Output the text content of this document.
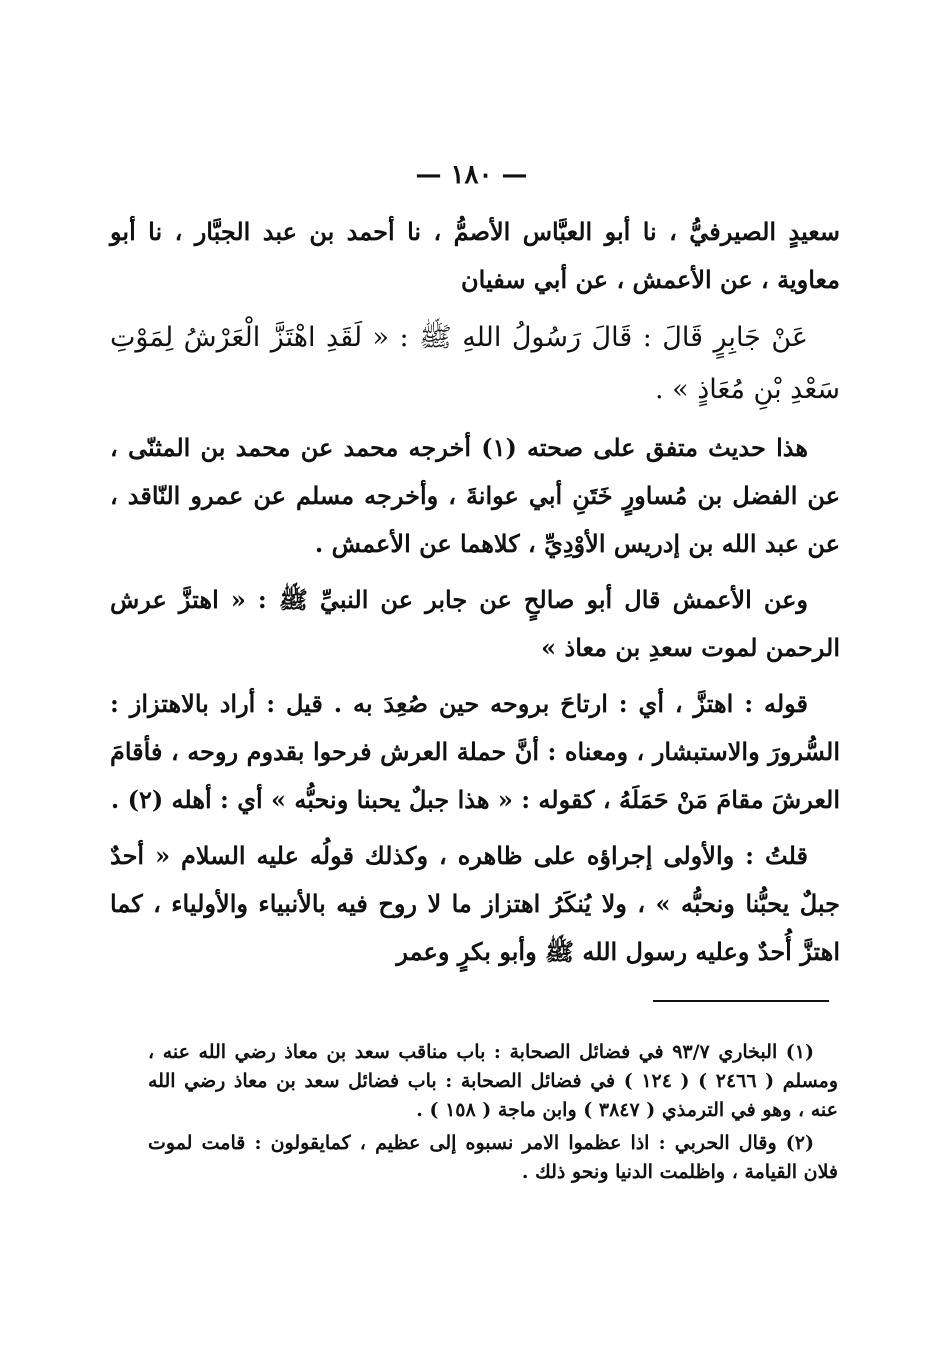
— ١٨٠ —

سعيدٍ الصيرفيُّ ، نا أبو العبَّاس الأصمُّ ، نا أحمد بن عبد الجبَّار ، نا أبو معاوية ، عن الأعمش ، عن أبي سفيان

عَنْ جَابِرٍ قَالَ : قَالَ رَسُولُ اللهِ ﷺ : « لَقَدِ اهْتَزَّ الْعَرْشُ لِمَوْتِ سَعْدِ بْنِ مُعَاذٍ » .

هذا حديث متفق على صحته (١) أخرجه محمد عن محمد بن المثنّى ، عن الفضل بن مُساورٍ خَتَنِ أبي عوانةَ ، وأخرجه مسلم عن عمرو النّاقد ، عن عبد الله بن إدريس الأوْدِيِّ ، كلاهما عن الأعمش .

وعن الأعمش قال أبو صالحٍ عن جابر عن النبيِّ ﷺ : « اهتزَّ عرش الرحمن لموت سعدِ بن معاذ »

قوله : اهتزَّ ، أي : ارتاحَ بروحه حين صُعِدَ به . قيل : أراد بالاهتزاز : السُّرورَ والاستبشار ، ومعناه : أنَّ حملة العرش فرحوا بقدوم روحه ، فأقامَ العرشَ مقامَ مَنْ حَمَلَهُ ، كقوله : « هذا جبلٌ يحبنا ونحبُّه » أي : أهله (٢) .

قلتُ : والأولى إجراؤه على ظاهره ، وكذلك قولُه عليه السلام « أحدٌ جبلٌ يحبُّنا ونحبُّه » ، ولا يُنكَرُ اهتزاز ما لا روح فيه بالأنبياء والأولياء ، كما اهتزَّ أُحدٌ وعليه رسول الله ﷺ وأبو بكرٍ وعمر

(١) البخاري ٩٣/٧ في فضائل الصحابة : باب مناقب سعد بن معاذ رضي الله عنه ، ومسلم ( ٢٤٦٦ ) ( ١٢٤ ) في فضائل الصحابة : باب فضائل سعد بن معاذ رضي الله عنه ، وهو في الترمذي ( ٣٨٤٧ ) وابن ماجة ( ١٥٨ ) .

(٢) وقال الحربي : اذا عظموا الامر نسبوه إلى عظيم ، كمايقولون : قامت لموت فلان القيامة ، واظلمت الدنيا ونحو ذلك .
